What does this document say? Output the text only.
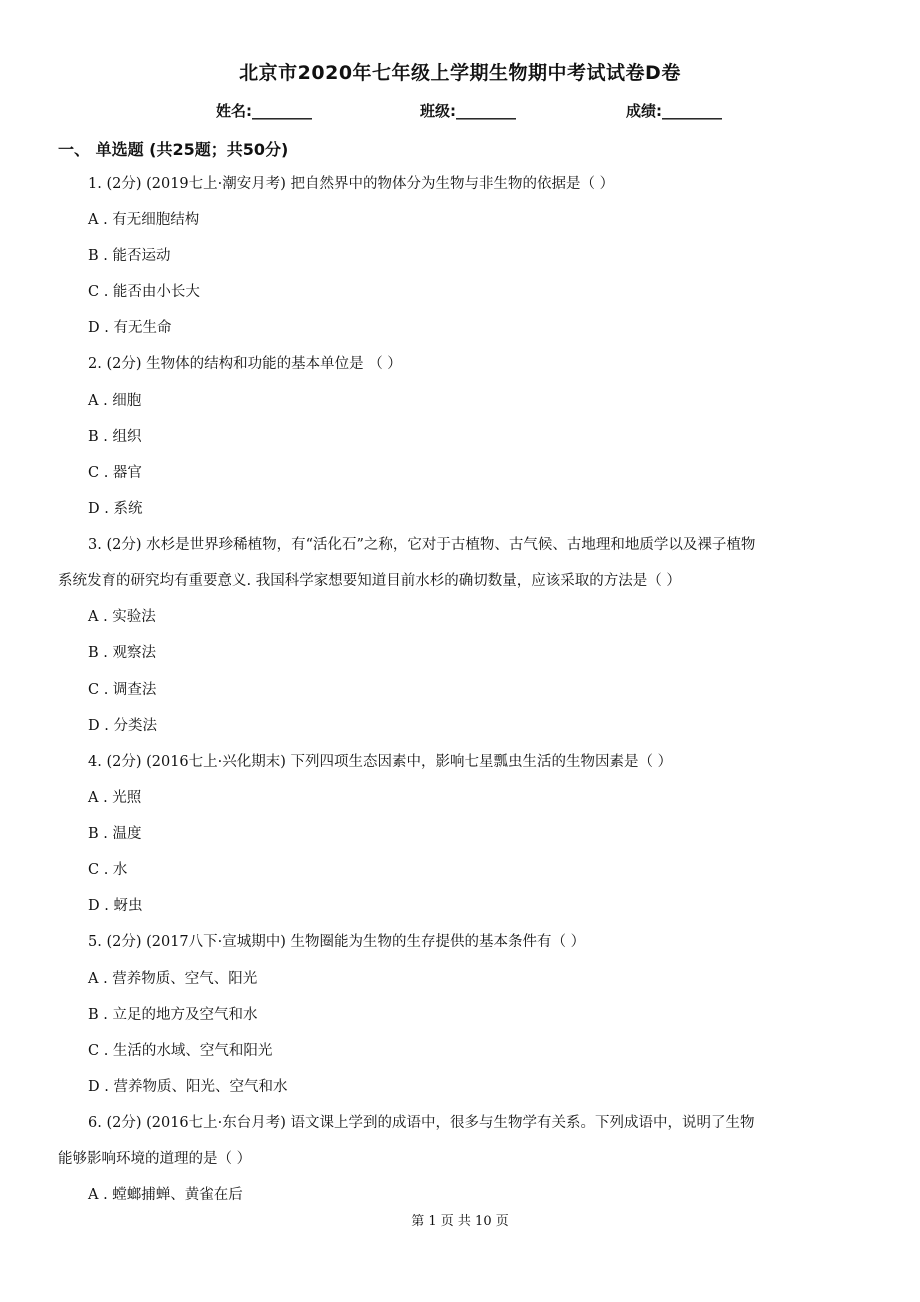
北京市2020年七年级上学期生物期中考试试卷D卷
姓名:________	班级:________	成绩:________
一、 单选题 (共25题；共50分)
1. (2分) (2019七上·潮安月考) 把自然界中的物体分为生物与非生物的依据是（ ）
A . 有无细胞结构
B . 能否运动
C . 能否由小长大
D . 有无生命
2. (2分) 生物体的结构和功能的基本单位是 （ ）
A . 细胞
B . 组织
C . 器官
D . 系统
3. (2分) 水杉是世界珍稀植物，有“活化石”之称，它对于古植物、古气候、古地理和地质学以及裸子植物
系统发育的研究均有重要意义. 我国科学家想要知道目前水杉的确切数量，应该采取的方法是（ ）
A . 实验法
B . 观察法
C . 调查法
D . 分类法
4. (2分) (2016七上·兴化期末) 下列四项生态因素中，影响七星瓢虫生活的生物因素是（ ）
A . 光照
B . 温度
C . 水
D . 蚜虫
5. (2分) (2017八下·宣城期中) 生物圈能为生物的生存提供的基本条件有（ ）
A . 营养物质、空气、阳光
B . 立足的地方及空气和水
C . 生活的水域、空气和阳光
D . 营养物质、阳光、空气和水
6. (2分) (2016七上·东台月考) 语文课上学到的成语中，很多与生物学有关系。下列成语中，说明了生物
能够影响环境的道理的是（ ）
A . 螳螂捕蝉、黄雀在后
第 1 页 共 10 页
